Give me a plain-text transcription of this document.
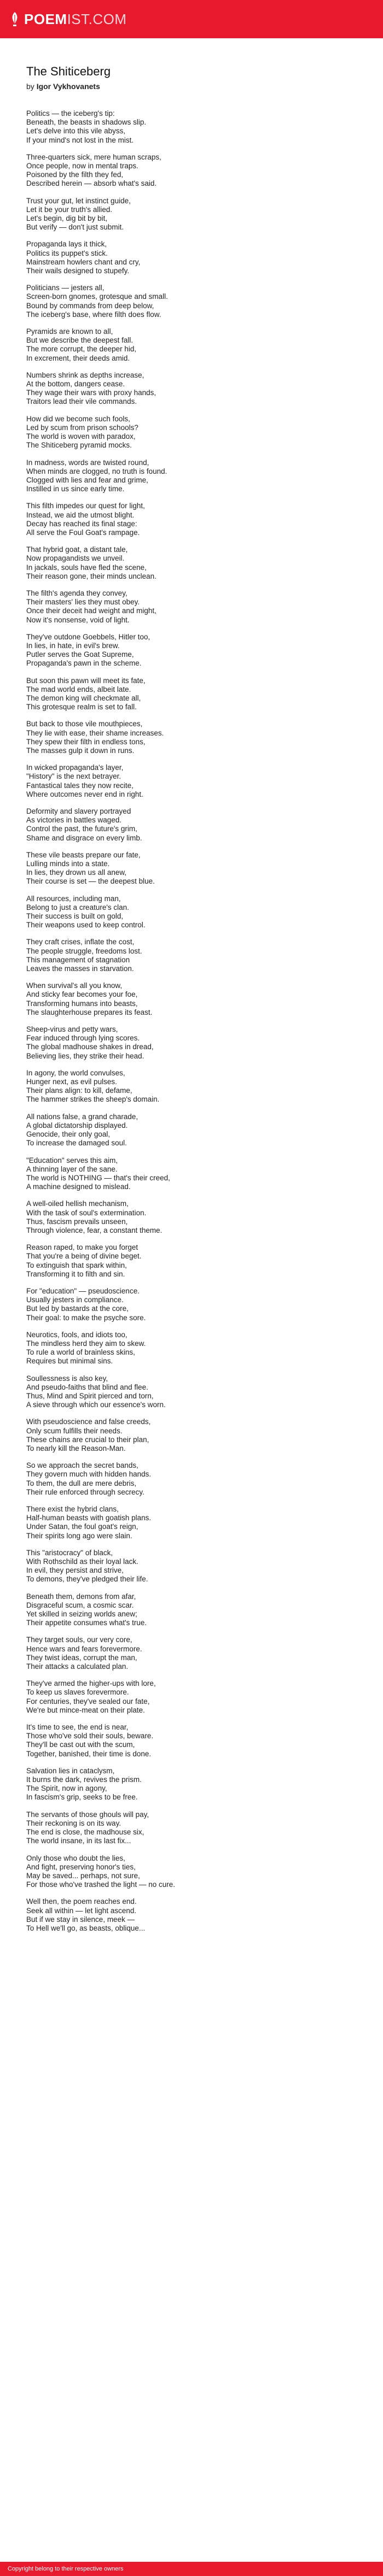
POEMIST.COM
The Shiticeberg

by Igor Vykhovanets

Politics — the iceberg's tip:
Beneath, the beasts in shadows slip.
Let's delve into this vile abyss,
If your mind's not lost in the mist.

Three-quarters sick, mere human scraps,
Once people, now in mental traps.
Poisoned by the filth they fed,
Described herein — absorb what's said.

Trust your gut, let instinct guide,
Let it be your truth's allied.
Let's begin, dig bit by bit,
But verify — don't just submit.

Propaganda lays it thick,
Politics its puppet's stick.
Mainstream howlers chant and cry,
Their wails designed to stupefy.

Politicians — jesters all,
Screen-born gnomes, grotesque and small.
Bound by commands from deep below,
The iceberg's base, where filth does flow.

Pyramids are known to all,
But we describe the deepest fall.
The more corrupt, the deeper hid,
In excrement, their deeds amid.

Numbers shrink as depths increase,
At the bottom, dangers cease.
They wage their wars with proxy hands,
Traitors lead their vile commands.

How did we become such fools,
Led by scum from prison schools?
The world is woven with paradox,
The Shiticeberg pyramid mocks.

In madness, words are twisted round,
When minds are clogged, no truth is found.
Clogged with lies and fear and grime,
Instilled in us since early time.

This filth impedes our quest for light,
Instead, we aid the utmost blight.
Decay has reached its final stage:
All serve the Foul Goat's rampage.

That hybrid goat, a distant tale,
Now propagandists we unveil.
In jackals, souls have fled the scene,
Their reason gone, their minds unclean.

The filth's agenda they convey,
Their masters' lies they must obey.
Once their deceit had weight and might,
Now it's nonsense, void of light.

They've outdone Goebbels, Hitler too,
In lies, in hate, in evil's brew.
Putler serves the Goat Supreme,
Propaganda's pawn in the scheme.

But soon this pawn will meet its fate,
The mad world ends, albeit late.
The demon king will checkmate all,
This grotesque realm is set to fall.

But back to those vile mouthpieces,
They lie with ease, their shame increases.
They spew their filth in endless tons,
The masses gulp it down in runs.

In wicked propaganda's layer,
"History" is the next betrayer.
Fantastical tales they now recite,
Where outcomes never end in right.

Deformity and slavery portrayed
As victories in battles waged.
Control the past, the future's grim,
Shame and disgrace on every limb.

These vile beasts prepare our fate,
Lulling minds into a state.
In lies, they drown us all anew,
Their course is set — the deepest blue.

All resources, including man,
Belong to just a creature's clan.
Their success is built on gold,
Their weapons used to keep control.

They craft crises, inflate the cost,
The people struggle, freedoms lost.
This management of stagnation
Leaves the masses in starvation.

When survival's all you know,
And sticky fear becomes your foe,
Transforming humans into beasts,
The slaughterhouse prepares its feast.

Sheep-virus and petty wars,
Fear induced through lying scores.
The global madhouse shakes in dread,
Believing lies, they strike their head.

In agony, the world convulses,
Hunger next, as evil pulses.
Their plans align: to kill, defame,
The hammer strikes the sheep's domain.

All nations false, a grand charade,
A global dictatorship displayed.
Genocide, their only goal,
To increase the damaged soul.

"Education" serves this aim,
A thinning layer of the sane.
The world is NOTHING — that's their creed,
A machine designed to mislead.

A well-oiled hellish mechanism,
With the task of soul's extermination.
Thus, fascism prevails unseen,
Through violence, fear, a constant theme.

Reason raped, to make you forget
That you're a being of divine beget.
To extinguish that spark within,
Transforming it to filth and sin.

For "education" — pseudoscience.
Usually jesters in compliance.
But led by bastards at the core,
Their goal: to make the psyche sore.

Neurotics, fools, and idiots too,
The mindless herd they aim to skew.
To rule a world of brainless skins,
Requires but minimal sins.

Soullessness is also key,
And pseudo-faiths that blind and flee.
Thus, Mind and Spirit pierced and torn,
A sieve through which our essence's worn.

With pseudoscience and false creeds,
Only scum fulfills their needs.
These chains are crucial to their plan,
To nearly kill the Reason-Man.

So we approach the secret bands,
They govern much with hidden hands.
To them, the dull are mere debris,
Their rule enforced through secrecy.

There exist the hybrid clans,
Half-human beasts with goatish plans.
Under Satan, the foul goat's reign,
Their spirits long ago were slain.

This "aristocracy" of black,
With Rothschild as their loyal lack.
In evil, they persist and strive,
To demons, they've pledged their life.

Beneath them, demons from afar,
Disgraceful scum, a cosmic scar.
Yet skilled in seizing worlds anew;
Their appetite consumes what's true.

They target souls, our very core,
Hence wars and fears forevermore.
They twist ideas, corrupt the man,
Their attacks a calculated plan.

They've armed the higher-ups with lore,
To keep us slaves forevermore.
For centuries, they've sealed our fate,
We're but mince-meat on their plate.

It's time to see, the end is near,
Those who've sold their souls, beware.
They'll be cast out with the scum,
Together, banished, their time is done.

Salvation lies in cataclysm,
It burns the dark, revives the prism.
The Spirit, now in agony,
In fascism's grip, seeks to be free.

The servants of those ghouls will pay,
Their reckoning is on its way.
The end is close, the madhouse six,
The world insane, in its last fix...

Only those who doubt the lies,
And fight, preserving honor's ties,
May be saved... perhaps, not sure,
For those who've trashed the light — no cure.

Well then, the poem reaches end.
Seek all within — let light ascend.
But if we stay in silence, meek —
To Hell we'll go, as beasts, oblique...

Copyright belong to their respective owners
